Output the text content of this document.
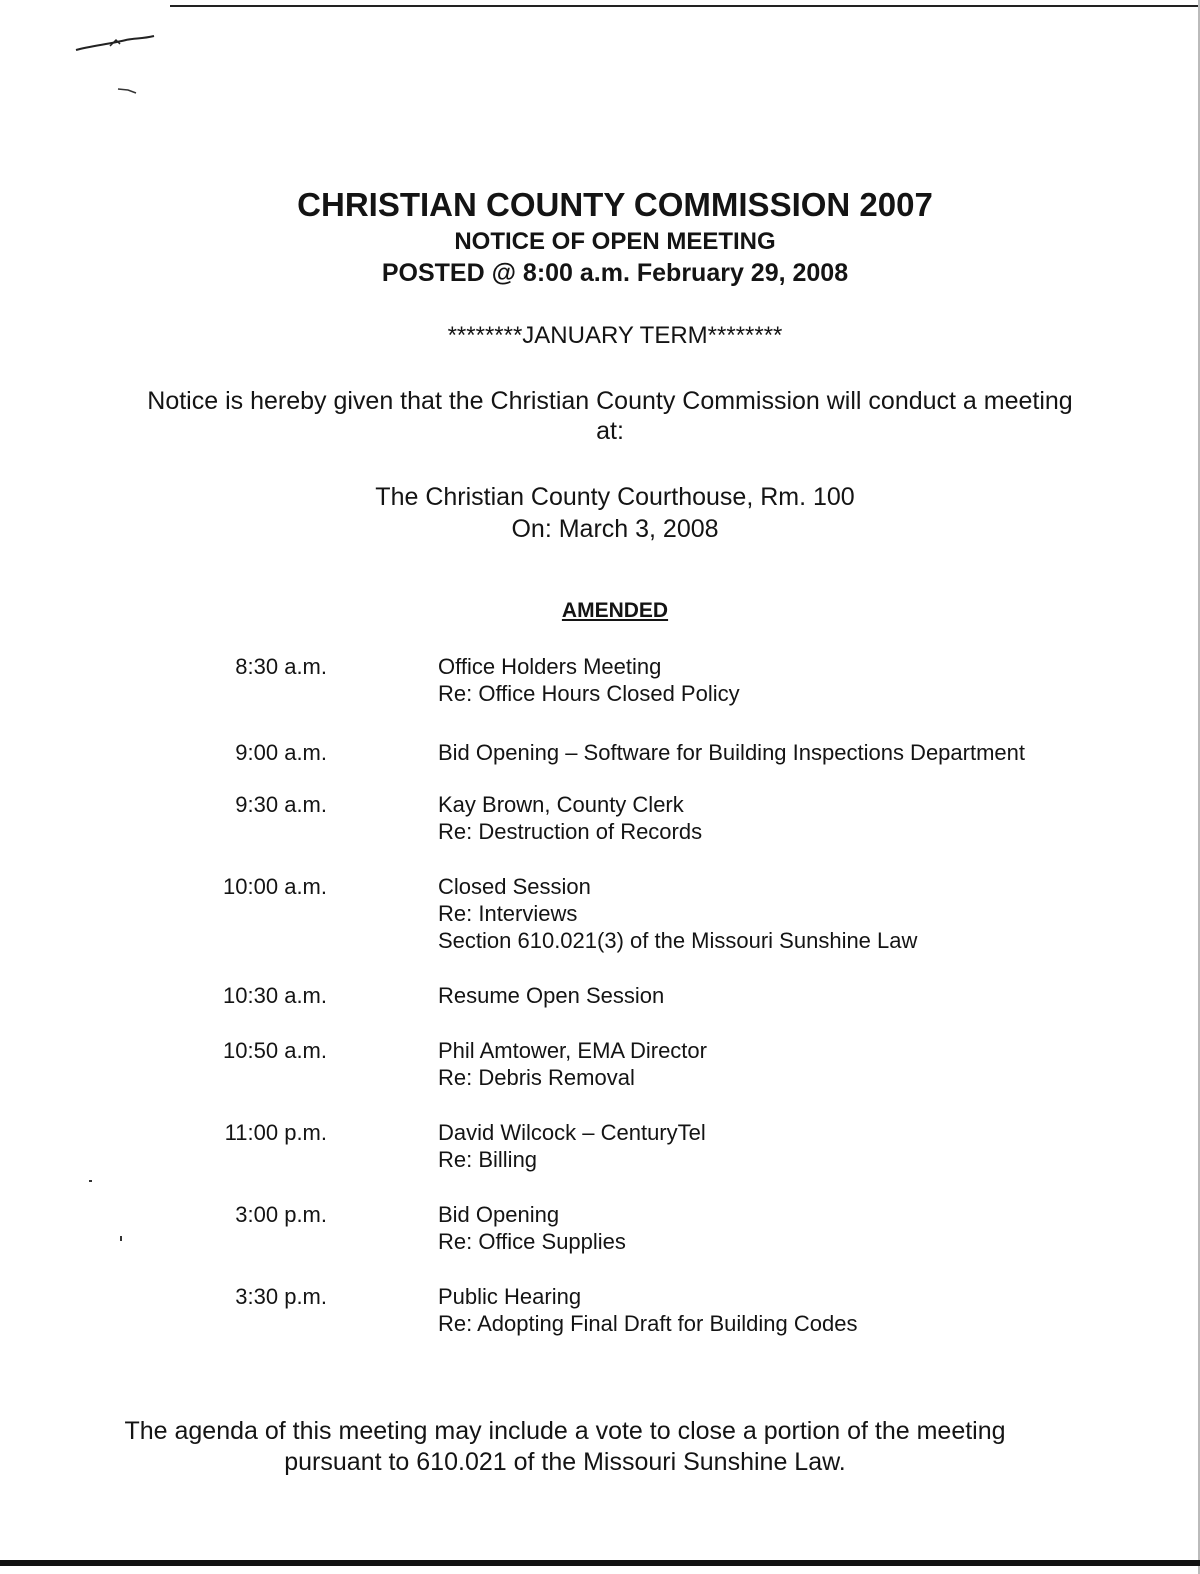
CHRISTIAN COUNTY COMMISSION 2007
NOTICE OF OPEN MEETING
POSTED @ 8:00 a.m. February 29, 2008
********JANUARY TERM********
Notice is hereby given that the Christian County Commission will conduct a meeting at:
The Christian County Courthouse, Rm. 100
On: March 3, 2008
AMENDED
8:30 a.m.	Office Holders Meeting
Re: Office Hours Closed Policy
9:00 a.m.	Bid Opening – Software for Building Inspections Department
9:30 a.m.	Kay Brown, County Clerk
Re: Destruction of Records
10:00 a.m.	Closed Session
Re: Interviews
Section 610.021(3) of the Missouri Sunshine Law
10:30 a.m.	Resume Open Session
10:50 a.m.	Phil Amtower, EMA Director
Re: Debris Removal
11:00 p.m.	David Wilcock – CenturyTel
Re: Billing
3:00 p.m.	Bid Opening
Re: Office Supplies
3:30 p.m.	Public Hearing
Re: Adopting Final Draft for Building Codes
The agenda of this meeting may include a vote to close a portion of the meeting
pursuant to 610.021 of the Missouri Sunshine Law.
